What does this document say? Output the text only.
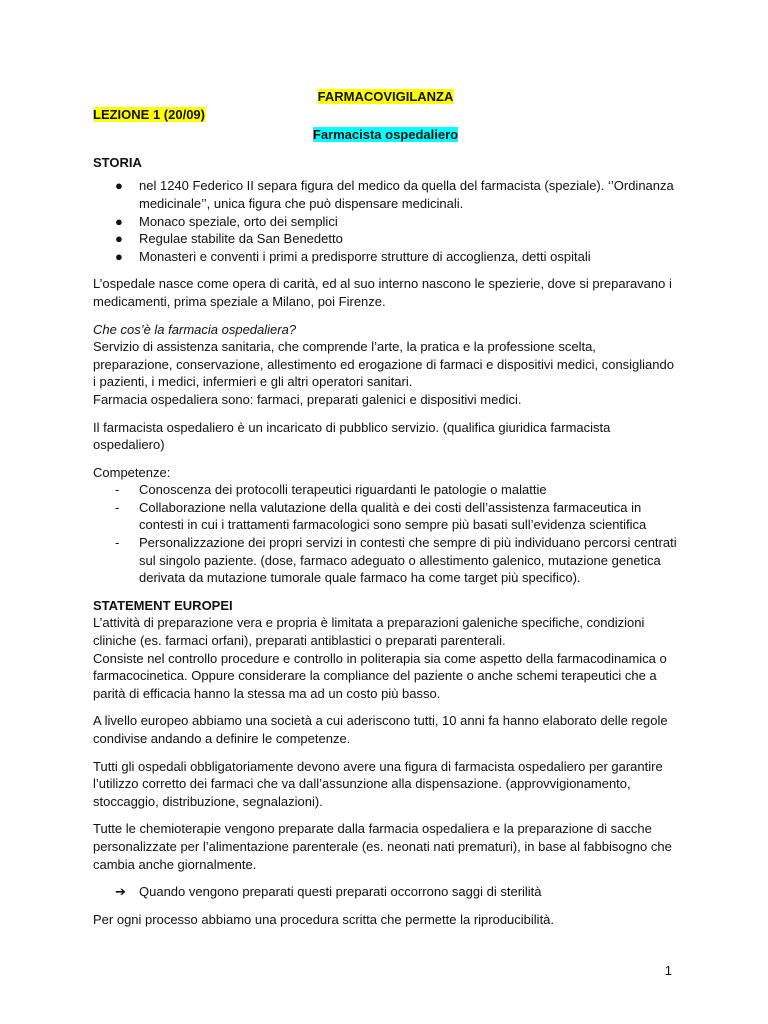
FARMACOVIGILANZA

LEZIONE 1 (20/09)

Farmacista ospedaliero

STORIA

● nel 1240 Federico II separa figura del medico da quella del farmacista (speziale). ‘’Ordinanza medicinale’’, unica figura che può dispensare medicinali.
● Monaco speziale, orto dei semplici
● Regulae stabilite da San Benedetto
● Monasteri e conventi i primi a predisporre strutture di accoglienza, detti ospitali

L’ospedale nasce come opera di carità, ed al suo interno nascono le spezierie, dove si preparavano i medicamenti, prima speziale a Milano, poi Firenze.

Che cos’è la farmacia ospedaliera?

Servizio di assistenza sanitaria, che comprende l’arte, la pratica e la professione scelta, preparazione, conservazione, allestimento ed erogazione di farmaci e dispositivi medici, consigliando i pazienti, i medici, infermieri e gli altri operatori sanitari.

Farmacia ospedaliera sono: farmaci, preparati galenici e dispositivi medici.

Il farmacista ospedaliero è un incaricato di pubblico servizio. (qualifica giuridica farmacista ospedaliero)

Competenze:

- Conoscenza dei protocolli terapeutici riguardanti le patologie o malattie
- Collaborazione nella valutazione della qualità e dei costi dell’assistenza farmaceutica in contesti in cui i trattamenti farmacologici sono sempre più basati sull’evidenza scientifica
- Personalizzazione dei propri servizi in contesti che sempre di più individuano percorsi centrati sul singolo paziente. (dose, farmaco adeguato o allestimento galenico, mutazione genetica derivata da mutazione tumorale quale farmaco ha come target più specifico).

STATEMENT EUROPEI

L’attività di preparazione vera e propria è limitata a preparazioni galeniche specifiche, condizioni cliniche (es. farmaci orfani), preparati antiblastici o preparati parenterali.

Consiste nel controllo procedure e controllo in politerapia sia come aspetto della farmacodinamica o farmacocinetica. Oppure considerare la compliance del paziente o anche schemi terapeutici che a parità di efficacia hanno la stessa ma ad un costo più basso.

A livello europeo abbiamo una società a cui aderiscono tutti, 10 anni fa hanno elaborato delle regole condivise andando a definire le competenze.

Tutti gli ospedali obbligatoriamente devono avere una figura di farmacista ospedaliero per garantire l’utilizzo corretto dei farmaci che va dall’assunzione alla dispensazione. (approvvigionamento, stoccaggio, distribuzione, segnalazioni).

Tutte le chemioterapie vengono preparate dalla farmacia ospedaliera e la preparazione di sacche personalizzate per l’alimentazione parenterale (es. neonati nati prematuri), in base al fabbisogno che cambia anche giornalmente.

➔ Quando vengono preparati questi preparati occorrono saggi di sterilità

Per ogni processo abbiamo una procedura scritta che permette la riproducibilità.

1
